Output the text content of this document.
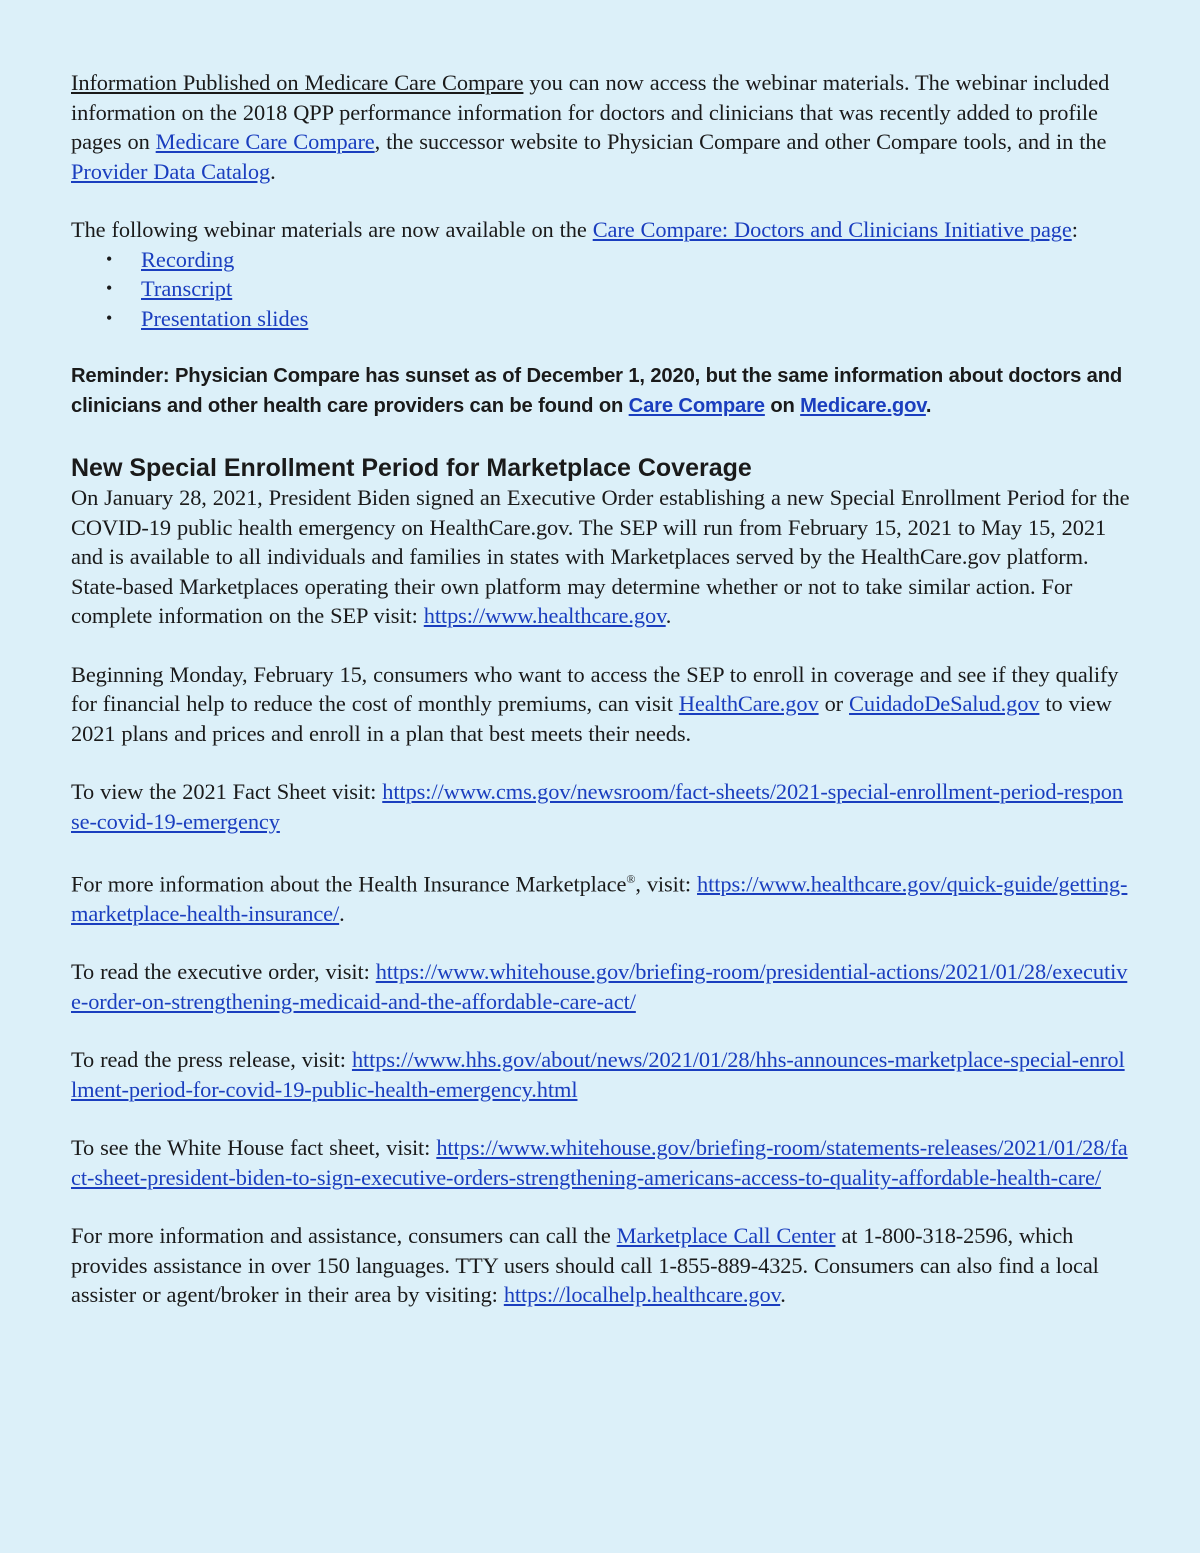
Information Published on Medicare Care Compare you can now access the webinar materials. The webinar included information on the 2018 QPP performance information for doctors and clinicians that was recently added to profile pages on Medicare Care Compare, the successor website to Physician Compare and other Compare tools, and in the Provider Data Catalog.

The following webinar materials are now available on the Care Compare: Doctors and Clinicians Initiative page:

• Recording
• Transcript
• Presentation slides

Reminder: Physician Compare has sunset as of December 1, 2020, but the same information about doctors and clinicians and other health care providers can be found on Care Compare on Medicare.gov.

New Special Enrollment Period for Marketplace Coverage

On January 28, 2021, President Biden signed an Executive Order establishing a new Special Enrollment Period for the COVID-19 public health emergency on HealthCare.gov. The SEP will run from February 15, 2021 to May 15, 2021 and is available to all individuals and families in states with Marketplaces served by the HealthCare.gov platform. State-based Marketplaces operating their own platform may determine whether or not to take similar action. For complete information on the SEP visit: https://www.healthcare.gov.

Beginning Monday, February 15, consumers who want to access the SEP to enroll in coverage and see if they qualify for financial help to reduce the cost of monthly premiums, can visit HealthCare.gov or CuidadoDeSalud.gov to view 2021 plans and prices and enroll in a plan that best meets their needs.

To view the 2021 Fact Sheet visit: https://www.cms.gov/newsroom/fact-sheets/2021-special-enrollment-period-response-covid-19-emergency

For more information about the Health Insurance Marketplace®, visit: https://www.healthcare.gov/quick-guide/getting-marketplace-health-insurance/.

To read the executive order, visit: https://www.whitehouse.gov/briefing-room/presidential-actions/2021/01/28/executive-order-on-strengthening-medicaid-and-the-affordable-care-act/

To read the press release, visit: https://www.hhs.gov/about/news/2021/01/28/hhs-announces-marketplace-special-enrollment-period-for-covid-19-public-health-emergency.html

To see the White House fact sheet, visit: https://www.whitehouse.gov/briefing-room/statements-releases/2021/01/28/fact-sheet-president-biden-to-sign-executive-orders-strengthening-americans-access-to-quality-affordable-health-care/

For more information and assistance, consumers can call the Marketplace Call Center at 1-800-318-2596, which provides assistance in over 150 languages. TTY users should call 1-855-889-4325. Consumers can also find a local assister or agent/broker in their area by visiting: https://localhelp.healthcare.gov.
